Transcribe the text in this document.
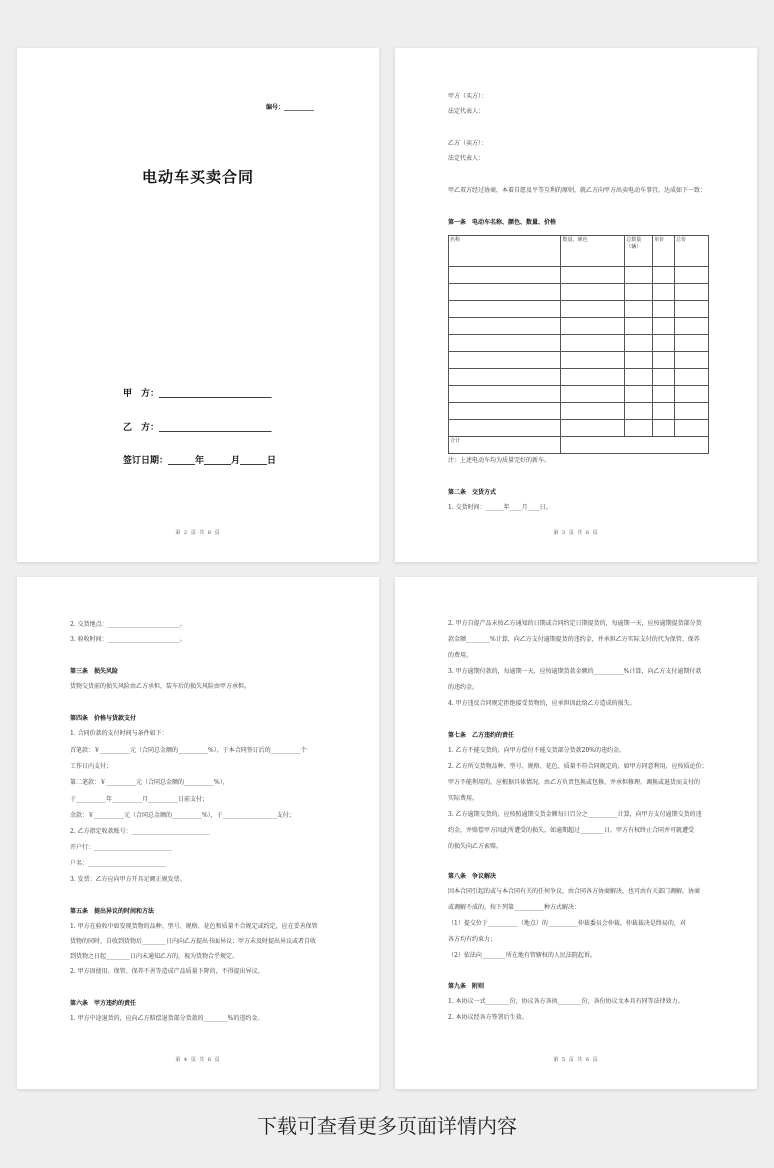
编号：__________
电动车买卖合同
甲　方：_________________________
乙　方：_________________________
签订日期：______年______月______日
第 2 页 共 6 页
甲方（买方）：
法定代表人：
乙方（卖方）：
法定代表人：
甲乙双方经过协商，本着自愿及平等互利的原则，就乙方向甲方出卖电动车事宜，达成如下一致：
第一条　电动车名称、颜色、数量、价格
名称	数量、颜色	总数量（辆）	单价	总价

合计				
注：上述电动车均为质量完好的新车。
第二条　交货方式
1. 交货时间：______年____月____日。
第 3 页 共 6 页
2. 交货地点：________________________。
3. 验收时间：________________________。
第三条　损失风险
货物交货前的损失风险由乙方承担，装车后的损失风险由甲方承担。
第四条　价格与货款支付
1. 合同价款的支付时间与条件如下：
首笔款：￥__________元（合同总金额的__________%），于本合同签订后的__________个
工作日内支付；
第二笔款：￥__________元（合同总金额的__________%），
于__________年__________月__________日前支付；
余款：￥__________元（合同总金额的__________%），于__________________支付；
2. 乙方指定收款账号：__________________________
开户行：__________________________
户名：__________________________
3. 发票：乙方应向甲方开具足额正规发票。
第五条　提出异议的时间和方法
1. 甲方在验收中如发现货物的品种、型号、规格、花色和质量不合规定或约定，应在妥善保管
货物的同时，自收到货物后________日内向乙方提出书面异议；甲方未及时提出异议或者自收
到货物之日起________日内未通知乙方的，视为货物合乎规定。
2. 甲方因使用、保管、保养不善等造成产品质量下降的，不得提出异议。
第六条　甲方违约的责任
1. 甲方中途退货的，应向乙方赔偿退货部分货款的________%的违约金。
第 4 页 共 6 页
2. 甲方自提产品未按乙方通知的日期或合同约定日期提货的，每逾期一天，应按逾期提货部分货
款金额________%计算，向乙方支付逾期提货的违约金，并承担乙方实际支付的代为保管、保养
的费用。
3. 甲方逾期付款的，每逾期一天，应按逾期货款金额的__________%计算，向乙方支付逾期付款
的违约金。
4. 甲方违反合同规定拒绝接受货物的，应承担因此给乙方造成的损失。
第七条　乙方违约的责任
1. 乙方不能交货的，向甲方偿付不能交货部分货款20%的违约金。
2. 乙方所交货物品种、型号、规格、花色、质量不符合同规定的，如甲方同意利用，应按质论价；
甲方不能利用的，应根据具体情况，由乙方负责包换或包修，并承担修理、调换或退货而支付的
实际费用。
3. 乙方逾期交货的，应按照逾期交货金额每日百分之__________计算，向甲方支付逾期交货的违
约金，并赔偿甲方因此所遭受的损失。如逾期超过________日，甲方有权终止合同并可就遭受
的损失向乙方索赔。
第八条　争议解决
因本合同引起的或与本合同有关的任何争议，由合同各方协商解决，也可由有关部门调解。协商
或调解不成的，按下列第__________种方式解决：
（1）提交位于__________（地点）的__________仲裁委员会仲裁。仲裁裁决是终局的，对
各方均有约束力；
（2）依法向________所在地有管辖权的人民法院起诉。
第九条　附则
1. 本协议一式________份，协议各方各执________份，各份协议文本具有同等法律效力。
2. 本协议经各方签署后生效。
第 5 页 共 6 页
下载可查看更多页面详情内容
